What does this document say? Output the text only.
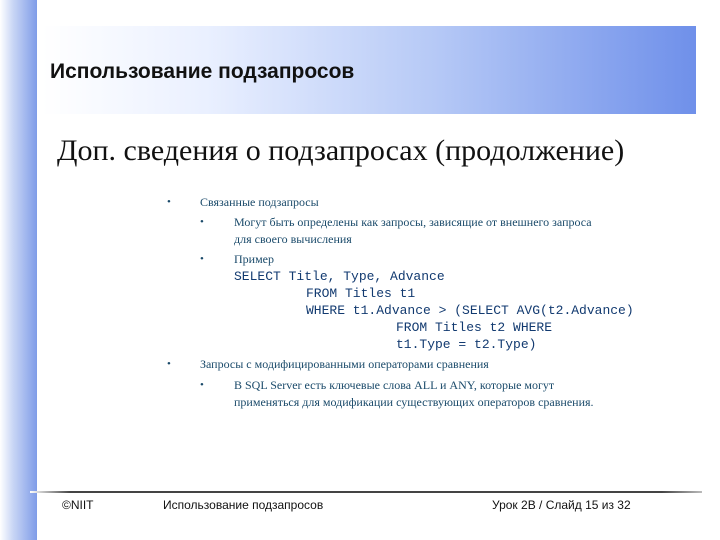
Использование подзапросов
Доп. сведения о подзапросах (продолжение)
• Связанные подзапросы
•	Могут быть определены как запросы, зависящие от внешнего запроса
для своего вычисления
•	Пример
SELECT Title, Type, Advance
FROM Titles t1
WHERE t1.Advance > (SELECT AVG(t2.Advance)
FROM Titles t2 WHERE
t1.Type = t2.Type)
• Запросы с модифицированными операторами сравнения
•	В SQL Server есть ключевые слова ALL и ANY, которые могут
применяться для модификации существующих операторов сравнения.
©NIIT	Использование подзапросов	Урок 2В / Слайд 15 из 32
